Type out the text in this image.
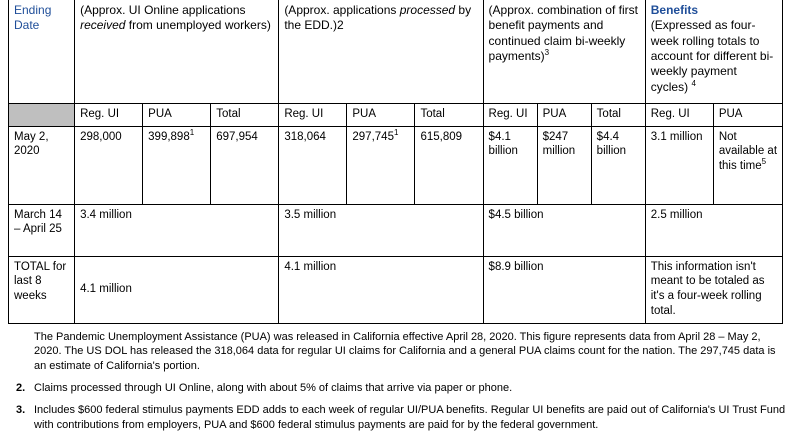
Ending Date	(Approx. UI Online applications received from unemployed workers)			(Approx. applications processed by the EDD.)2			(Approx. combination of first benefit payments and continued claim bi-weekly payments)$^3$			Benefits
(Expressed as four-week rolling totals to account for different bi-weekly payment cycles) $^4$
	Reg. UI	PUA	Total	Reg. UI	PUA	Total	Reg. UI	PUA	Total	Reg. UI	PUA
May 2, 2020	298,000	399,898$^1$	697,954	318,064	297,745$^1$	615,809	$4.1 billion	$247 million	$4.4 billion	3.1 million	Not available at this time$^5$
March 14 – April 25	3.4 million			3.5 million			$4.5 billion			2.5 million	
TOTAL for last 8 weeks	4.1 million			4.1 million			$8.9 billion			This information isn't meant to be totaled as it's a four-week rolling total.	
The Pandemic Unemployment Assistance (PUA) was released in California effective April 28, 2020. This figure represents data from April 28 – May 2, 2020. The US DOL has released the 318,064 data for regular UI claims for California and a general PUA claims count for the nation. The 297,745 data is an estimate of California's portion.
2. Claims processed through UI Online, along with about 5% of claims that arrive via paper or phone.
3. Includes $600 federal stimulus payments EDD adds to each week of regular UI/PUA benefits. Regular UI benefits are paid out of California's UI Trust Fund with contributions from employers, PUA and $600 federal stimulus payments are paid for by the federal government.
